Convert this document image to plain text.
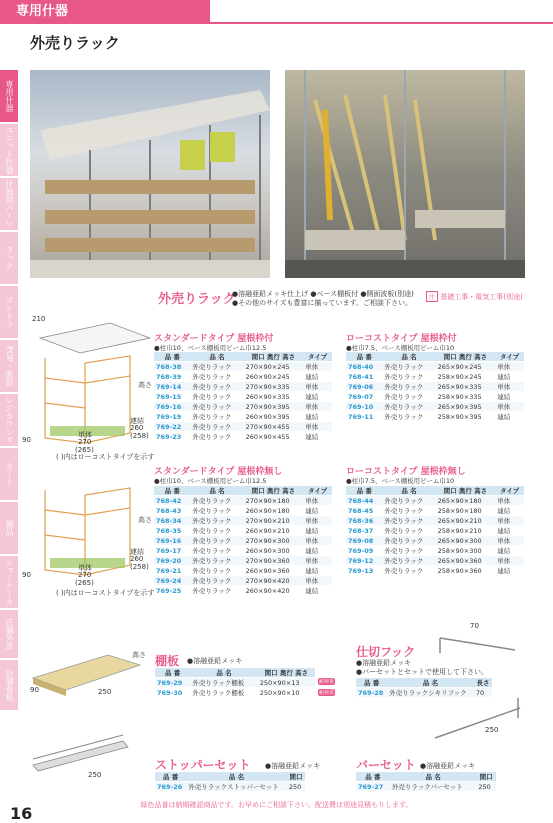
専用什器
外売りラック
専用什器
ユニット什器
什器用パーツ
ラック
ゴンドラ
POP・販促
レジカウンタ
カート
備品
ショーケース
店舗外部
店舗看板
外売りラック
●溶融亜鉛メッキ仕上げ ●ベース棚板付 ●側面波板(別途)
●その他のサイズも豊富に揃っています。ご相談下さい。
注 基礎工事・電気工事(別途)
210
高さ
90
連結
260
(258)
単体
270
(265)
( )内はローコストタイプを示す
スタンダードタイプ 屋根枠付
●柱巾10、ベース棚板用ビーム巾12.5
品 番	品 名	間口 奥行 高さ	タイプ
768-38	外売りラック	270×90×245	単体
768-39	外売りラック	260×90×245	連結
769-14	外売りラック	270×90×335	単体
769-15	外売りラック	260×90×335	連結
769-16	外売りラック	270×90×395	単体
769-19	外売りラック	260×90×395	連結
769-22	外売りラック	270×90×455	単体
769-23	外売りラック	260×90×455	連結
ローコストタイプ 屋根枠付
●柱巾7.5、ベース棚板用ビーム巾10
品 番	品 名	間口 奥行 高さ	タイプ
768-40	外売りラック	265×90×245	単体
768-41	外売りラック	258×90×245	連結
769-06	外売りラック	265×90×335	単体
769-07	外売りラック	258×90×335	連結
769-10	外売りラック	265×90×395	単体
769-11	外売りラック	258×90×395	連結
高さ
90
連結
260
(258)
単体
270
(265)
( )内はローコストタイプを示す
スタンダードタイプ 屋根枠無し
●柱巾10、ベース棚板用ビーム巾12.5
品 番	品 名	間口 奥行 高さ	タイプ
768-42	外売りラック	270×90×180	単体
768-43	外売りラック	260×90×180	連結
768-34	外売りラック	270×90×210	単体
768-35	外売りラック	260×90×210	連結
769-16	外売りラック	270×90×300	単体
769-17	外売りラック	260×90×300	連結
769-20	外売りラック	270×90×360	単体
769-21	外売りラック	260×90×360	連結
769-24	外売りラック	270×90×420	単体
769-25	外売りラック	260×90×420	連結
ローコストタイプ 屋根枠無し
●柱巾7.5、ベース棚板用ビーム巾10
品 番	品 名	間口 奥行 高さ	タイプ
768-44	外売りラック	265×90×180	単体
768-45	外売りラック	258×90×180	連結
768-36	外売りラック	265×90×210	単体
768-37	外売りラック	258×90×210	連結
769-08	外売りラック	265×90×300	単体
769-09	外売りラック	258×90×300	連結
769-12	外売りラック	265×90×360	単体
769-13	外売りラック	258×90×360	連結
高さ
90	250
棚板 ●溶融亜鉛メッキ
品 番	品 名	間口 奥行 高さ
769-29	外売りラック棚板	250×90×13
769-30	外売りラック棚板	250×90×10
耐荷重
耐荷重
仕切フック
●溶融亜鉛メッキ
●バーセットとセットで使用して下さい。
品 番	品 名	長さ
769-28	外売りラックシキリフック	70
70
250
250
ストッパーセット ●溶融亜鉛メッキ
品 番	品 名	間口
769-26	外売りラックストッパーセット	250
バーセット ●溶融亜鉛メッキ
品 番	品 名	間口
769-27	外売りラックバーセット	250
緑色品番は納期確認商品です。お早めにご相談下さい。配送費は別途見積もりします。
16
